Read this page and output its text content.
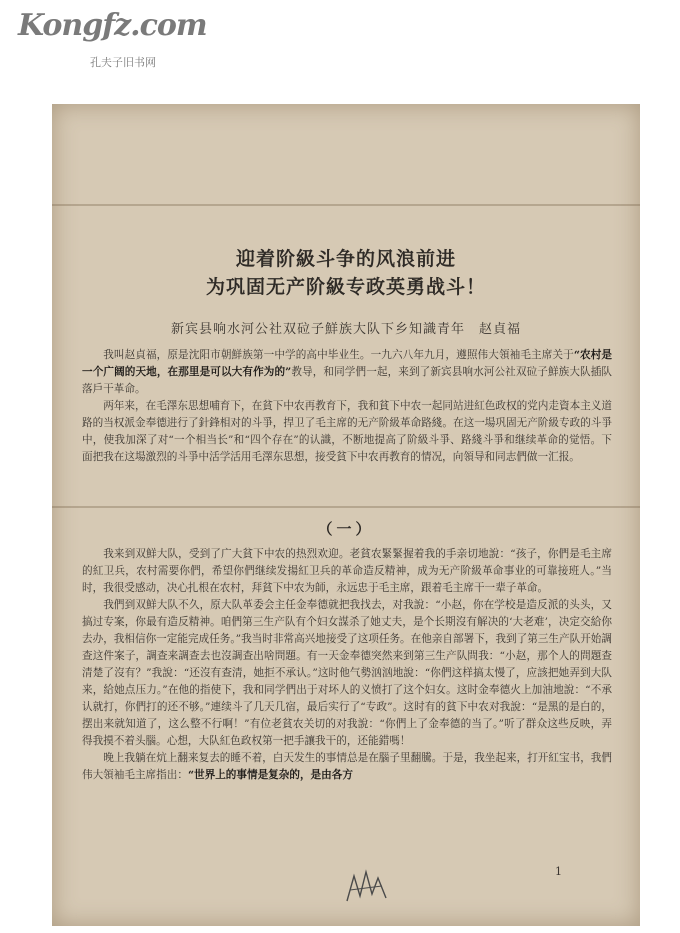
Kongfz.com
孔夫子旧书网
迎着阶級斗争的风浪前进
为巩固无产阶級专政英勇战斗！
新宾县响水河公社双砬子鮮族大队下乡知識青年　赵貞福

我叫赵貞福，原是沈阳市朝鮮族第一中学的高中毕业生。一九六八年九月，遵照伟大領袖毛主席关于“农村是一个广阔的天地，在那里是可以大有作为的”教导，和同学們一起，来到了新宾县响水河公社双砬子鮮族大队插队落戶干革命。

两年来，在毛澤东思想哺育下，在貧下中农再教育下，我和貧下中农一起同站进紅色政权的党内走資本主义道路的当权派金奉德进行了針鋒相对的斗爭，捍卫了毛主席的无产阶級革命路綫。在这一場巩固无产阶級专政的斗爭中，使我加深了对“一个相当长”和“四个存在”的认識，不断地提高了阶級斗爭、路綫斗爭和继续革命的觉悟。下面把我在这場激烈的斗爭中活学活用毛澤东思想，接受貧下中农再教育的情况，向領导和同志們做一汇报。

（一）

我来到双鮮大队，受到了广大貧下中农的热烈欢迎。老貧农緊緊握着我的手亲切地說：“孩子，你們是毛主席的紅卫兵，农村需要你們，希望你們继续发揚紅卫兵的革命造反精神，成为无产阶級革命事业的可靠接班人。”当时，我很受感动，决心扎根在农村，拜貧下中农为師，永远忠于毛主席，跟着毛主席干一辈子革命。

我們到双鮮大队不久，原大队革委会主任金奉德就把我找去，对我說：“小赵，你在学校是造反派的头头，又搞过专案，你最有造反精神。咱們第三生产队有个妇女謀杀了她丈夫，是个长期沒有解决的‘大老难’，决定交給你去办，我相信你一定能完成任务。”我当时非常高兴地接受了这项任务。在他亲自部署下，我到了第三生产队开始調查这件案子，調查来調查去也沒調查出啥問題。有一天金奉德突然来到第三生产队問我：“小赵，那个人的問題查清楚了沒有？”我說：“还沒有查清，她拒不承认。”这时他气勢汹汹地說：“你們这样搞太慢了，应該把她弄到大队来，給她点压力。”在他的指使下，我和同学們出于对坏人的义愤打了这个妇女。这时金奉德火上加油地說：“不承认就打，你們打的还不够。”連续斗了几天几宿，最后实行了“专政”。这时有的貧下中农对我說：“是黑的是白的，摆出来就知道了，这么整不行啊！”有位老貧农关切的对我說：“你們上了金奉德的当了。”听了群众这些反映，弄得我摸不着头腦。心想，大队紅色政权第一把手讓我干的，还能錯嗎！

晚上我躺在炕上翻来复去的睡不着，白天发生的事情总是在腦子里翻騰。于是，我坐起来，打开紅宝书，我們伟大領袖毛主席指出：“世界上的事情是复杂的，是由各方

1
